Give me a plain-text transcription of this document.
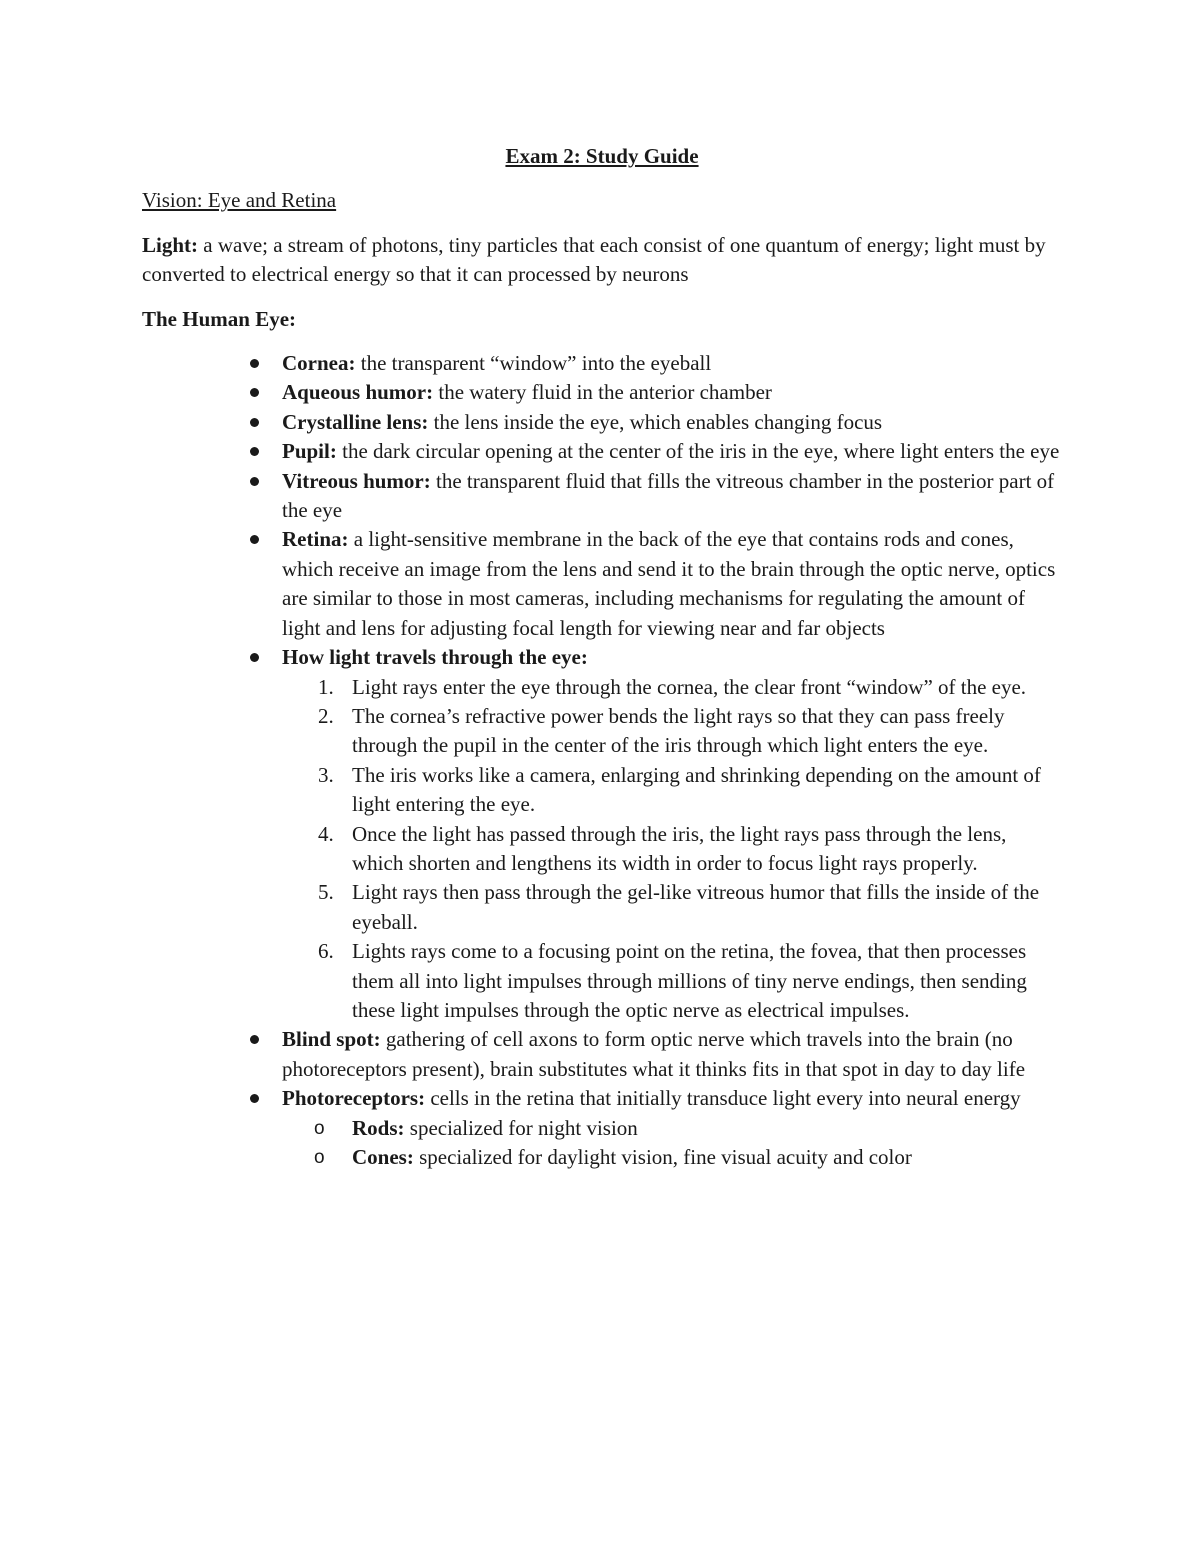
Exam 2: Study Guide

Vision: Eye and Retina

Light: a wave; a stream of photons, tiny particles that each consist of one quantum of energy; light must by converted to electrical energy so that it can processed by neurons

The Human Eye:

Cornea: the transparent “window” into the eyeball
Aqueous humor: the watery fluid in the anterior chamber
Crystalline lens: the lens inside the eye, which enables changing focus
Pupil: the dark circular opening at the center of the iris in the eye, where light enters the eye
Vitreous humor: the transparent fluid that fills the vitreous chamber in the posterior part of the eye
Retina: a light-sensitive membrane in the back of the eye that contains rods and cones, which receive an image from the lens and send it to the brain through the optic nerve, optics are similar to those in most cameras, including mechanisms for regulating the amount of light and lens for adjusting focal length for viewing near and far objects
How light travels through the eye:
1. Light rays enter the eye through the cornea, the clear front “window” of the eye.
2. The cornea’s refractive power bends the light rays so that they can pass freely through the pupil in the center of the iris through which light enters the eye.
3. The iris works like a camera, enlarging and shrinking depending on the amount of light entering the eye.
4. Once the light has passed through the iris, the light rays pass through the lens, which shorten and lengthens its width in order to focus light rays properly.
5. Light rays then pass through the gel-like vitreous humor that fills the inside of the eyeball.
6. Lights rays come to a focusing point on the retina, the fovea, that then processes them all into light impulses through millions of tiny nerve endings, then sending these light impulses through the optic nerve as electrical impulses.
Blind spot: gathering of cell axons to form optic nerve which travels into the brain (no photoreceptors present), brain substitutes what it thinks fits in that spot in day to day life
Photoreceptors: cells in the retina that initially transduce light every into neural energy
o Rods: specialized for night vision
o Cones: specialized for daylight vision, fine visual acuity and color
